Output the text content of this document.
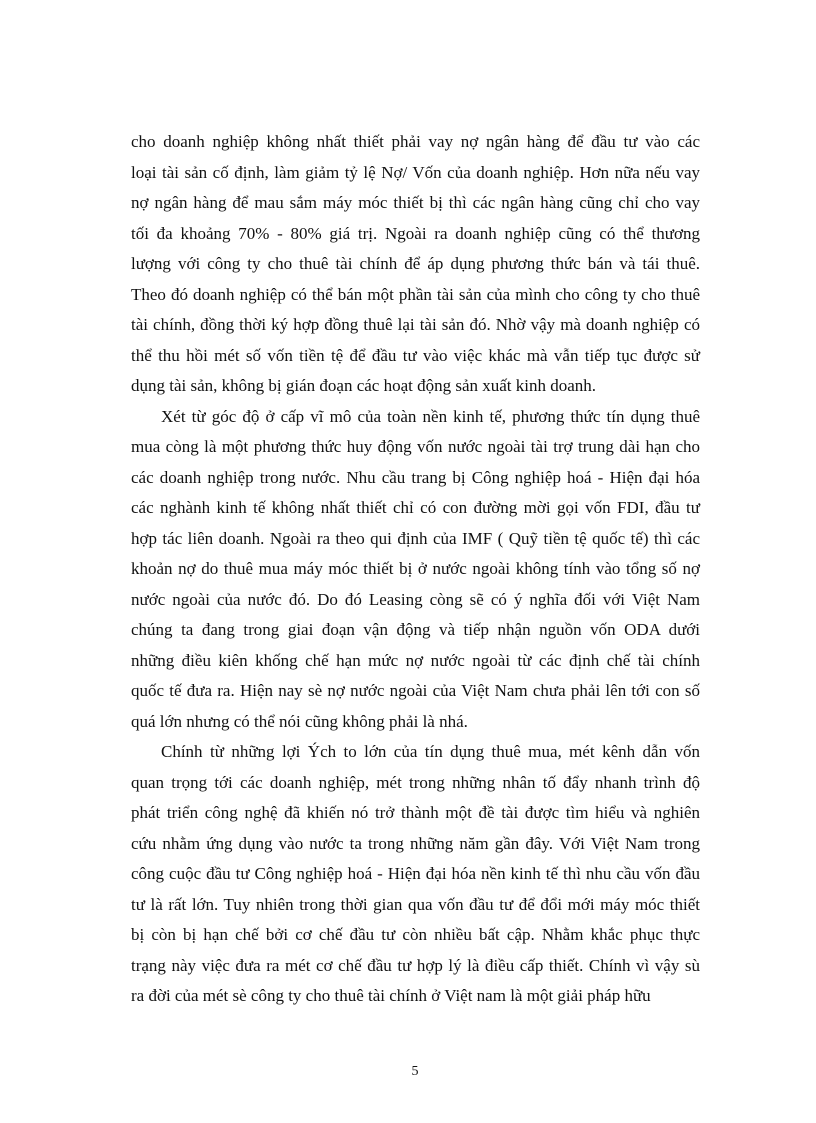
cho doanh nghiệp không nhất thiết phải vay nợ ngân hàng để đầu tư vào các
loại tài sản cố định, làm giảm tỷ lệ Nợ/ Vốn của doanh nghiệp. Hơn nữa nếu vay
nợ ngân hàng để mau sắm máy móc thiết bị thì các ngân hàng cũng chỉ cho vay
tối đa khoảng 70% - 80% giá trị. Ngoài ra doanh nghiệp cũng có thể thương
lượng với công ty cho thuê tài chính để áp dụng phương thức bán và tái thuê.
Theo đó doanh nghiệp có thể bán một phần tài sản của mình cho công ty cho thuê
tài chính, đồng thời ký hợp đồng thuê lại tài sản đó. Nhờ vậy mà doanh nghiệp có
thể thu hồi mét số vốn tiền tệ để đầu tư vào việc khác mà vẫn tiếp tục được sử
dụng tài sản, không bị gián đoạn các hoạt động sản xuất kinh doanh.
Xét từ góc độ ở cấp vĩ mô của toàn nền kinh tế, phương thức tín dụng thuê
mua còng là một phương thức huy động vốn nước ngoài tài trợ trung dài hạn cho
các doanh nghiệp trong nước. Nhu cầu trang bị Công nghiệp hoá - Hiện đại hóa
các nghành kinh tế không nhất thiết chỉ có con đường mời gọi vốn FDI, đầu tư
hợp tác liên doanh. Ngoài ra theo qui định của IMF ( Quỹ tiền tệ quốc tế) thì các
khoản nợ do thuê mua máy móc thiết bị ở nước ngoài không tính vào tổng số nợ
nước ngoài của nước đó. Do đó Leasing còng sẽ có ý nghĩa đối với Việt Nam
chúng ta đang trong giai đoạn vận động và tiếp nhận nguồn vốn ODA dưới
những điều kiên khống chế hạn mức nợ nước ngoài từ các định chế tài chính
quốc tế đưa ra. Hiện nay sè nợ nước ngoài của Việt Nam chưa phải lên tới con số
quá lớn nhưng có thể nói cũng không phải là nhá.
Chính từ những lợi Ých to lớn của tín dụng thuê mua, mét kênh dẫn vốn
quan trọng tới các doanh nghiệp, mét trong những nhân tố đẩy nhanh trình độ
phát triển công nghệ đã khiến nó trở thành một đề tài được tìm hiểu và nghiên
cứu nhằm ứng dụng vào nước ta trong những năm gần đây. Với Việt Nam trong
công cuộc đầu tư Công nghiệp hoá - Hiện đại hóa nền kinh tế thì nhu cầu vốn đầu
tư là rất lớn. Tuy nhiên trong thời gian qua vốn đầu tư để đổi mới máy móc thiết
bị còn bị hạn chế bởi cơ chế đầu tư còn nhiều bất cập. Nhằm khắc phục thực
trạng này việc đưa ra mét cơ chế đầu tư hợp lý là điều cấp thiết. Chính vì vậy sù
ra đời của mét sè công ty cho thuê tài chính ở Việt nam là một giải pháp hữu
5
